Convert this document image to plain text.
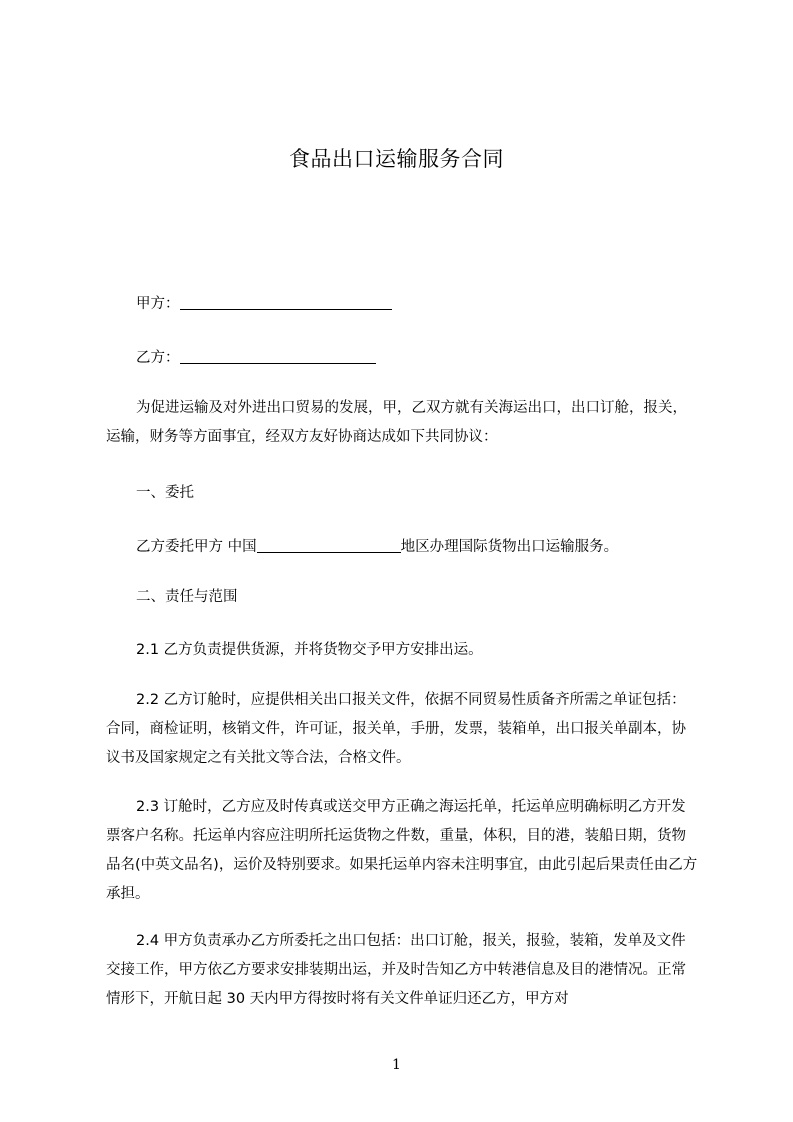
食品出口运输服务合同
甲方：
乙方：
为促进运输及对外进出口贸易的发展，甲，乙双方就有关海运出口，出口订舱，报关，运输，财务等方面事宜，经双方友好协商达成如下共同协议：
一、委托
乙方委托甲方 中国	地区办理国际货物出口运输服务。
二、责任与范围
2.1 乙方负责提供货源，并将货物交予甲方安排出运。
2.2 乙方订舱时，应提供相关出口报关文件，依据不同贸易性质备齐所需之单证包括：合同，商检证明，核销文件，许可证，报关单，手册，发票，装箱单，出口报关单副本，协议书及国家规定之有关批文等合法，合格文件。
2.3 订舱时，乙方应及时传真或送交甲方正确之海运托单，托运单应明确标明乙方开发票客户名称。托运单内容应注明所托运货物之件数，重量，体积，目的港，装船日期，货物品名(中英文品名)，运价及特别要求。如果托运单内容未注明事宜，由此引起后果责任由乙方承担。
2.4 甲方负责承办乙方所委托之出口包括：出口订舱，报关，报验，装箱，发单及文件交接工作，甲方依乙方要求安排装期出运，并及时告知乙方中转港信息及目的港情况。正常情形下，开航日起 30 天内甲方得按时将有关文件单证归还乙方，甲方对
1
